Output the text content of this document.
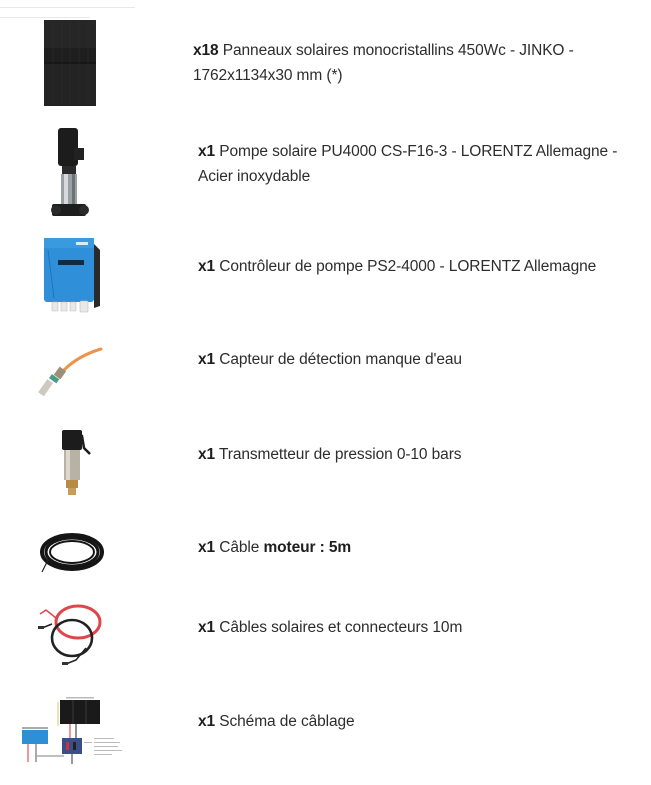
x18 Panneaux solaires monocristallins 450Wc - JINKO -
1762x1134x30 mm (*)
x1 Pompe solaire PU4000 CS-F16-3 - LORENTZ Allemagne -
Acier inoxydable
x1 Contrôleur de pompe PS2-4000 - LORENTZ Allemagne
x1 Capteur de détection manque d'eau
x1 Transmetteur de pression 0-10 bars
x1 Câble moteur : 5m
x1 Câbles solaires et connecteurs 10m
x1 Schéma de câblage
